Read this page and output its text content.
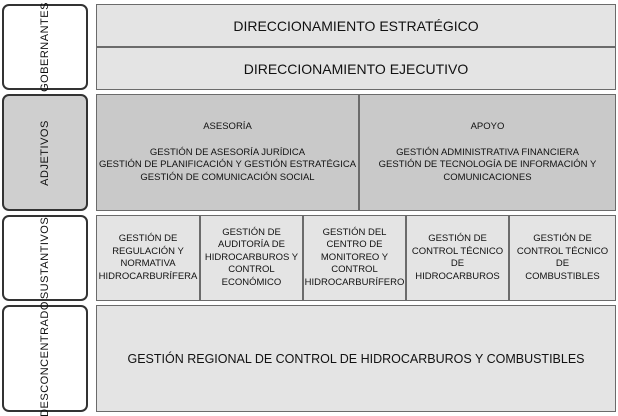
GOBERNANTES
ADJETIVOS
SUSTANTIVOS
DESCONCENTRADO
DIRECCIONAMIENTO ESTRATÉGICO
DIRECCIONAMIENTO EJECUTIVO
ASESORÍA
GESTIÓN DE ASESORÍA JURÍDICA
GESTIÓN DE PLANIFICACIÓN Y GESTIÓN ESTRATÉGICA
GESTIÓN DE COMUNICACIÓN SOCIAL
APOYO
GESTIÓN ADMINISTRATIVA FINANCIERA
GESTIÓN DE TECNOLOGÍA DE INFORMACIÓN Y
COMUNICACIONES
GESTIÓN DE
REGULACIÓN Y
NORMATIVA
HIDROCARBURÍFERA
GESTIÓN DE
AUDITORÍA DE
HIDROCARBUROS Y
CONTROL
ECONÓMICO
GESTIÓN DEL
CENTRO DE
MONITOREO Y
CONTROL
HIDROCARBURÍFERO
GESTIÓN DE
CONTROL TÉCNICO
DE HIDROCARBUROS
GESTIÓN DE
CONTROL TÉCNICO DE
COMBUSTIBLES
GESTIÓN REGIONAL DE CONTROL DE HIDROCARBUROS Y COMBUSTIBLES
